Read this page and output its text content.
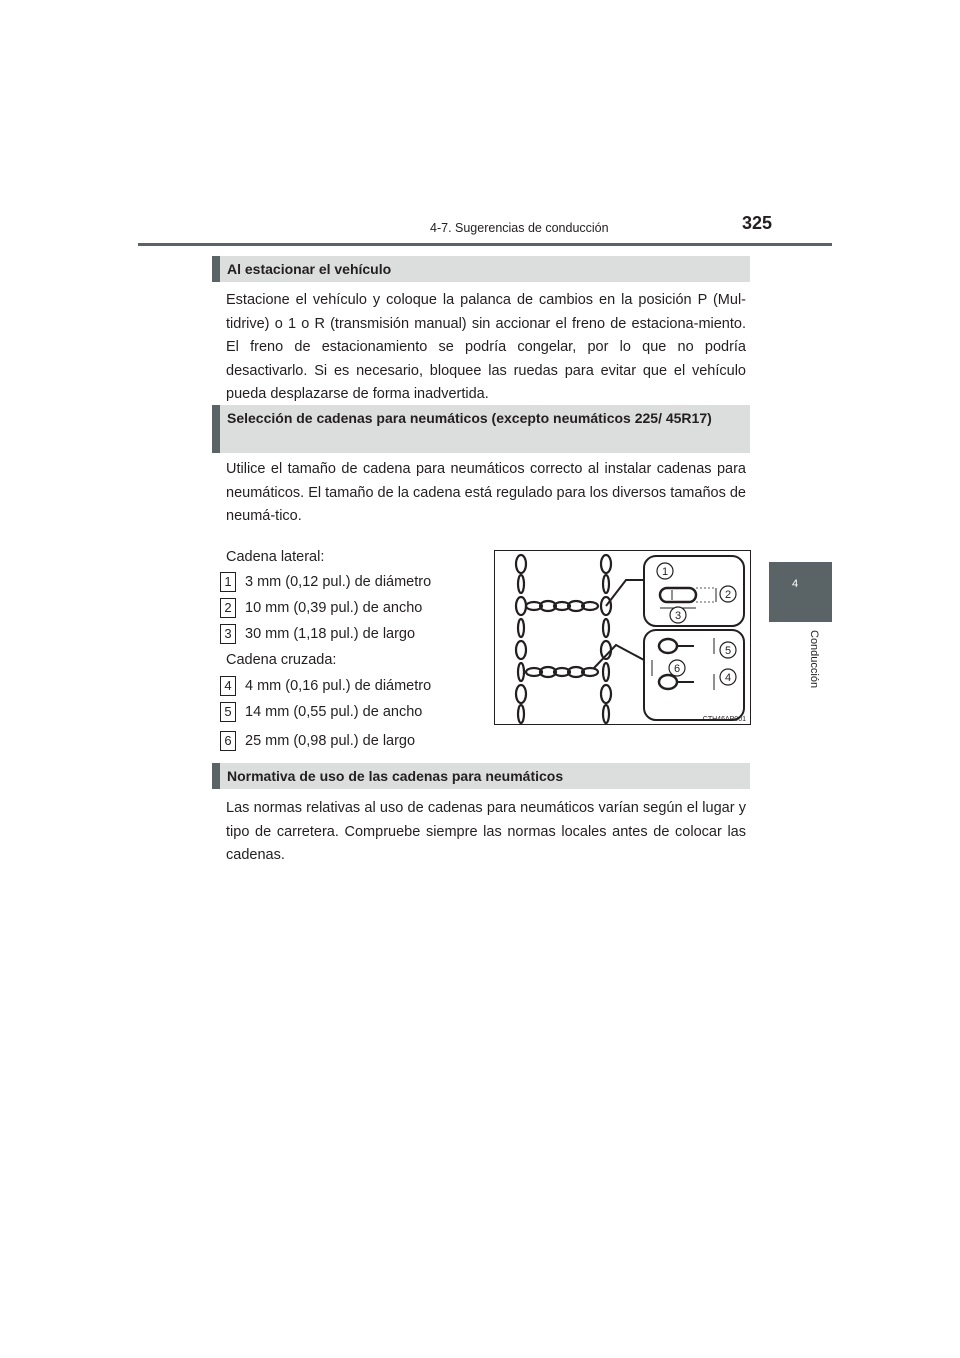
4-7. Sugerencias de conducción	325
4
Conducción
Al estacionar el vehículo

Estacione el vehículo y coloque la palanca de cambios en la posición P (Mul-tidrive) o 1 o R (transmisión manual) sin accionar el freno de estaciona-miento. El freno de estacionamiento se podría congelar, por lo que no podría desactivarlo. Si es necesario, bloquee las ruedas para evitar que el vehículo pueda desplazarse de forma inadvertida.

Selección de cadenas para neumáticos (excepto neumáticos 225/ 45R17)

Utilice el tamaño de cadena para neumáticos correcto al instalar cadenas para neumáticos. El tamaño de la cadena está regulado para los diversos tamaños de neumá-tico.

Cadena lateral:
1 3 mm (0,12 pul.) de diámetro
2 10 mm (0,39 pul.) de ancho
3 30 mm (1,18 pul.) de largo
Cadena cruzada:
4 4 mm (0,16 pul.) de diámetro
5 14 mm (0,55 pul.) de ancho
6 25 mm (0,98 pul.) de largo
1
2
3
5
6
4
CTH46AP001
Normativa de uso de las cadenas para neumáticos

Las normas relativas al uso de cadenas para neumáticos varían según el lugar y tipo de carretera. Compruebe siempre las normas locales antes de colocar las cadenas.
